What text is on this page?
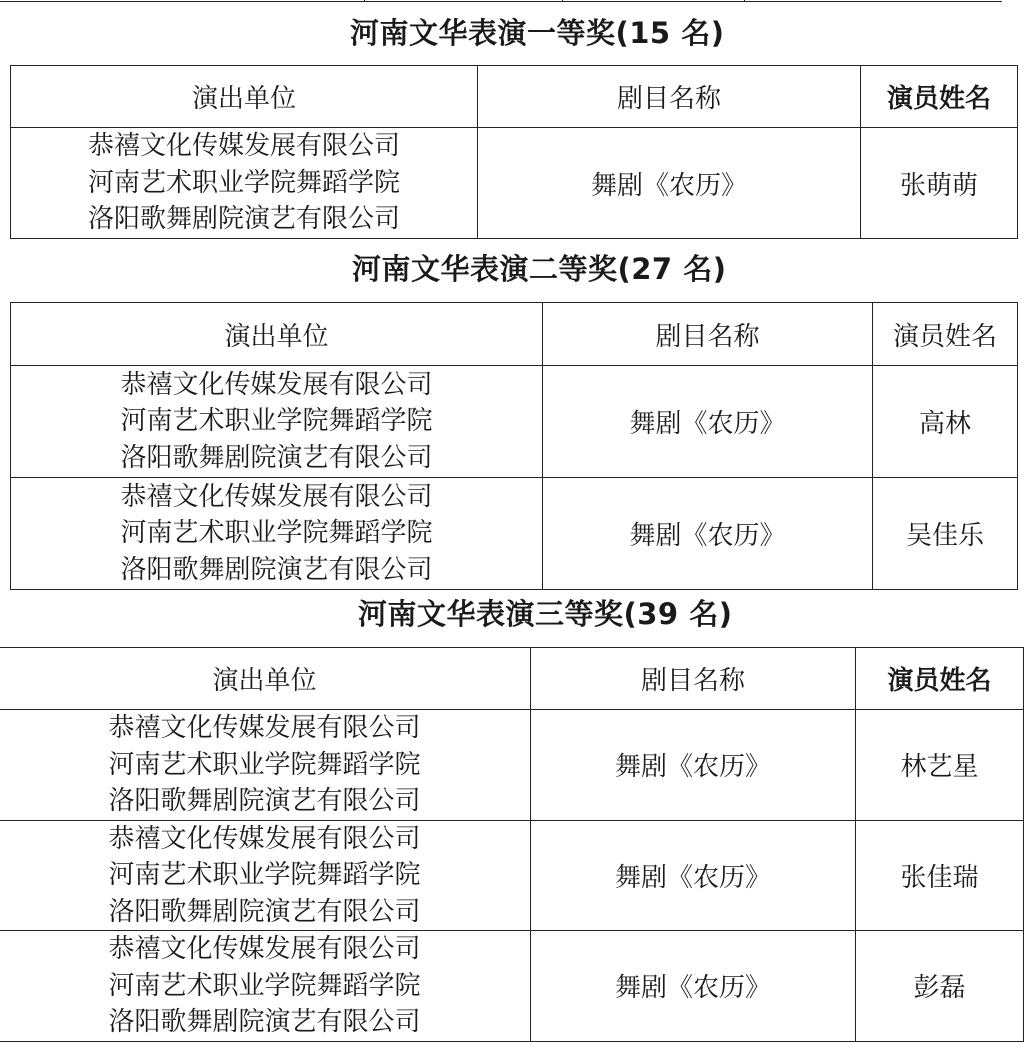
河南文华表演一等奖(15 名)
演出单位	剧目名称	演员姓名

恭禧文化传媒发展有限公司
河南艺术职业学院舞蹈学院
洛阳歌舞剧院演艺有限公司	舞剧《农历》	张萌萌
河南文华表演二等奖(27 名)
演出单位	剧目名称	演员姓名

恭禧文化传媒发展有限公司
河南艺术职业学院舞蹈学院
洛阳歌舞剧院演艺有限公司	舞剧《农历》	高林

恭禧文化传媒发展有限公司
河南艺术职业学院舞蹈学院
洛阳歌舞剧院演艺有限公司	舞剧《农历》	吴佳乐
河南文华表演三等奖(39 名)
演出单位	剧目名称	演员姓名

恭禧文化传媒发展有限公司
河南艺术职业学院舞蹈学院
洛阳歌舞剧院演艺有限公司	舞剧《农历》	林艺星

恭禧文化传媒发展有限公司
河南艺术职业学院舞蹈学院
洛阳歌舞剧院演艺有限公司	舞剧《农历》	张佳瑞

恭禧文化传媒发展有限公司
河南艺术职业学院舞蹈学院
洛阳歌舞剧院演艺有限公司	舞剧《农历》	彭磊
